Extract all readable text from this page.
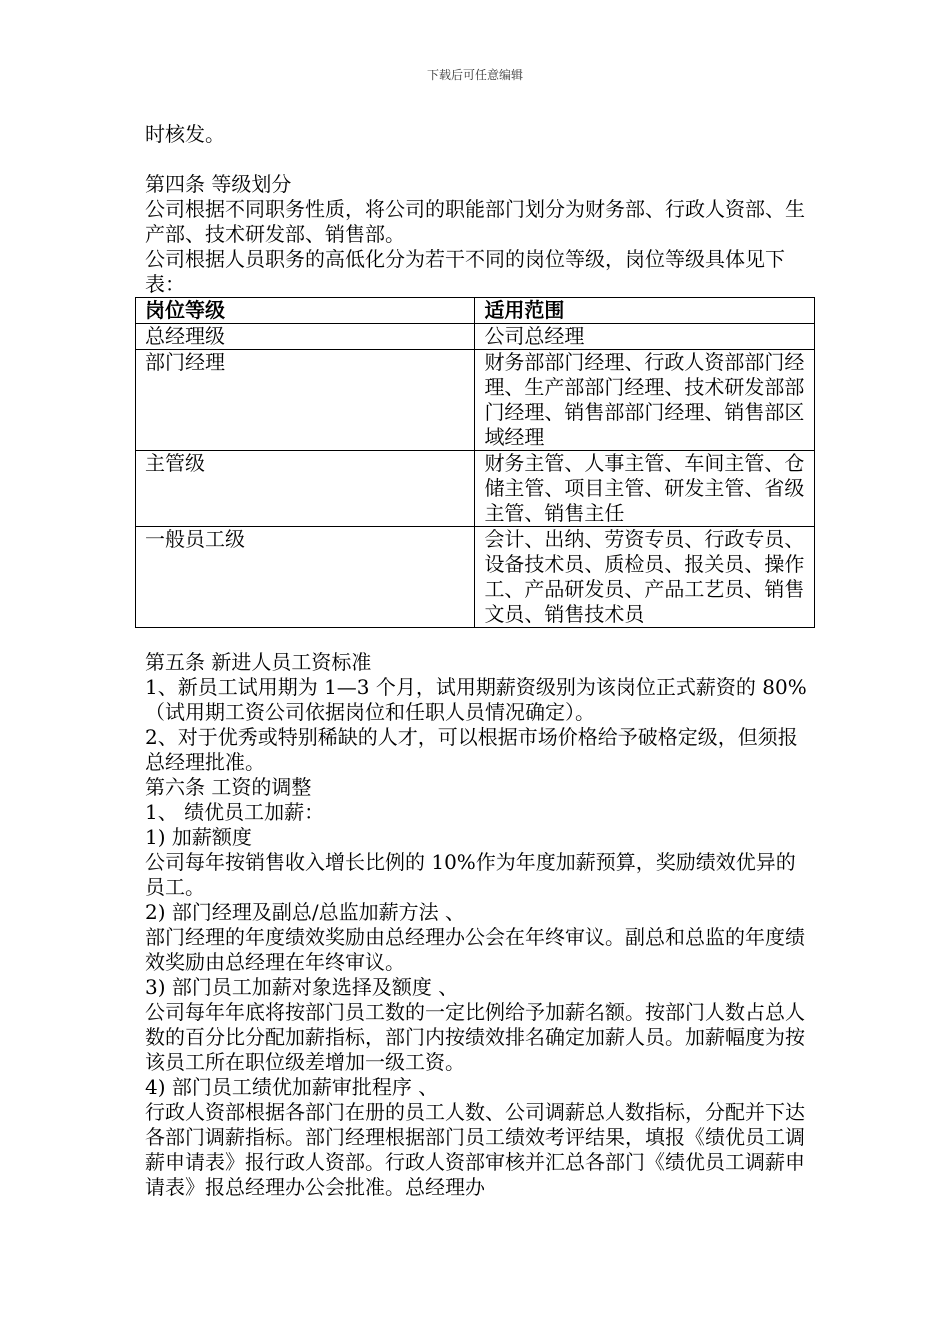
下载后可任意编辑

时核发。

第四条 等级划分

公司根据不同职务性质，将公司的职能部门划分为财务部、行政人资部、生产部、技术研发部、销售部。

公司根据人员职务的高低化分为若干不同的岗位等级，岗位等级具体见下表：

岗位等级	适用范围
总经理级	公司总经理
部门经理	财务部部门经理、行政人资部部门经理、生产部部门经理、技术研发部部门经理、销售部部门经理、销售部区域经理
主管级	财务主管、人事主管、车间主管、仓储主管、项目主管、研发主管、省级主管、销售主任
一般员工级	会计、出纳、劳资专员、行政专员、设备技术员、质检员、报关员、操作工、产品研发员、产品工艺员、销售文员、销售技术员

第五条 新进人员工资标准

1、新员工试用期为 1—3 个月，试用期薪资级别为该岗位正式薪资的 80%（试用期工资公司依据岗位和任职人员情况确定）。

2、对于优秀或特别稀缺的人才，可以根据市场价格给予破格定级，但须报总经理批准。

第六条 工资的调整

1、 绩优员工加薪：

1) 加薪额度

公司每年按销售收入增长比例的 10%作为年度加薪预算，奖励绩效优异的员工。

2) 部门经理及副总/总监加薪方法 、

部门经理的年度绩效奖励由总经理办公会在年终审议。副总和总监的年度绩效奖励由总经理在年终审议。

3) 部门员工加薪对象选择及额度 、

公司每年年底将按部门员工数的一定比例给予加薪名额。按部门人数占总人数的百分比分配加薪指标，部门内按绩效排名确定加薪人员。加薪幅度为按该员工所在职位级差增加一级工资。

4) 部门员工绩优加薪审批程序 、

行政人资部根据各部门在册的员工人数、公司调薪总人数指标，分配并下达各部门调薪指标。部门经理根据部门员工绩效考评结果，填报《绩优员工调薪申请表》报行政人资部。行政人资部审核并汇总各部门《绩优员工调薪申请表》报总经理办公会批准。总经理办
